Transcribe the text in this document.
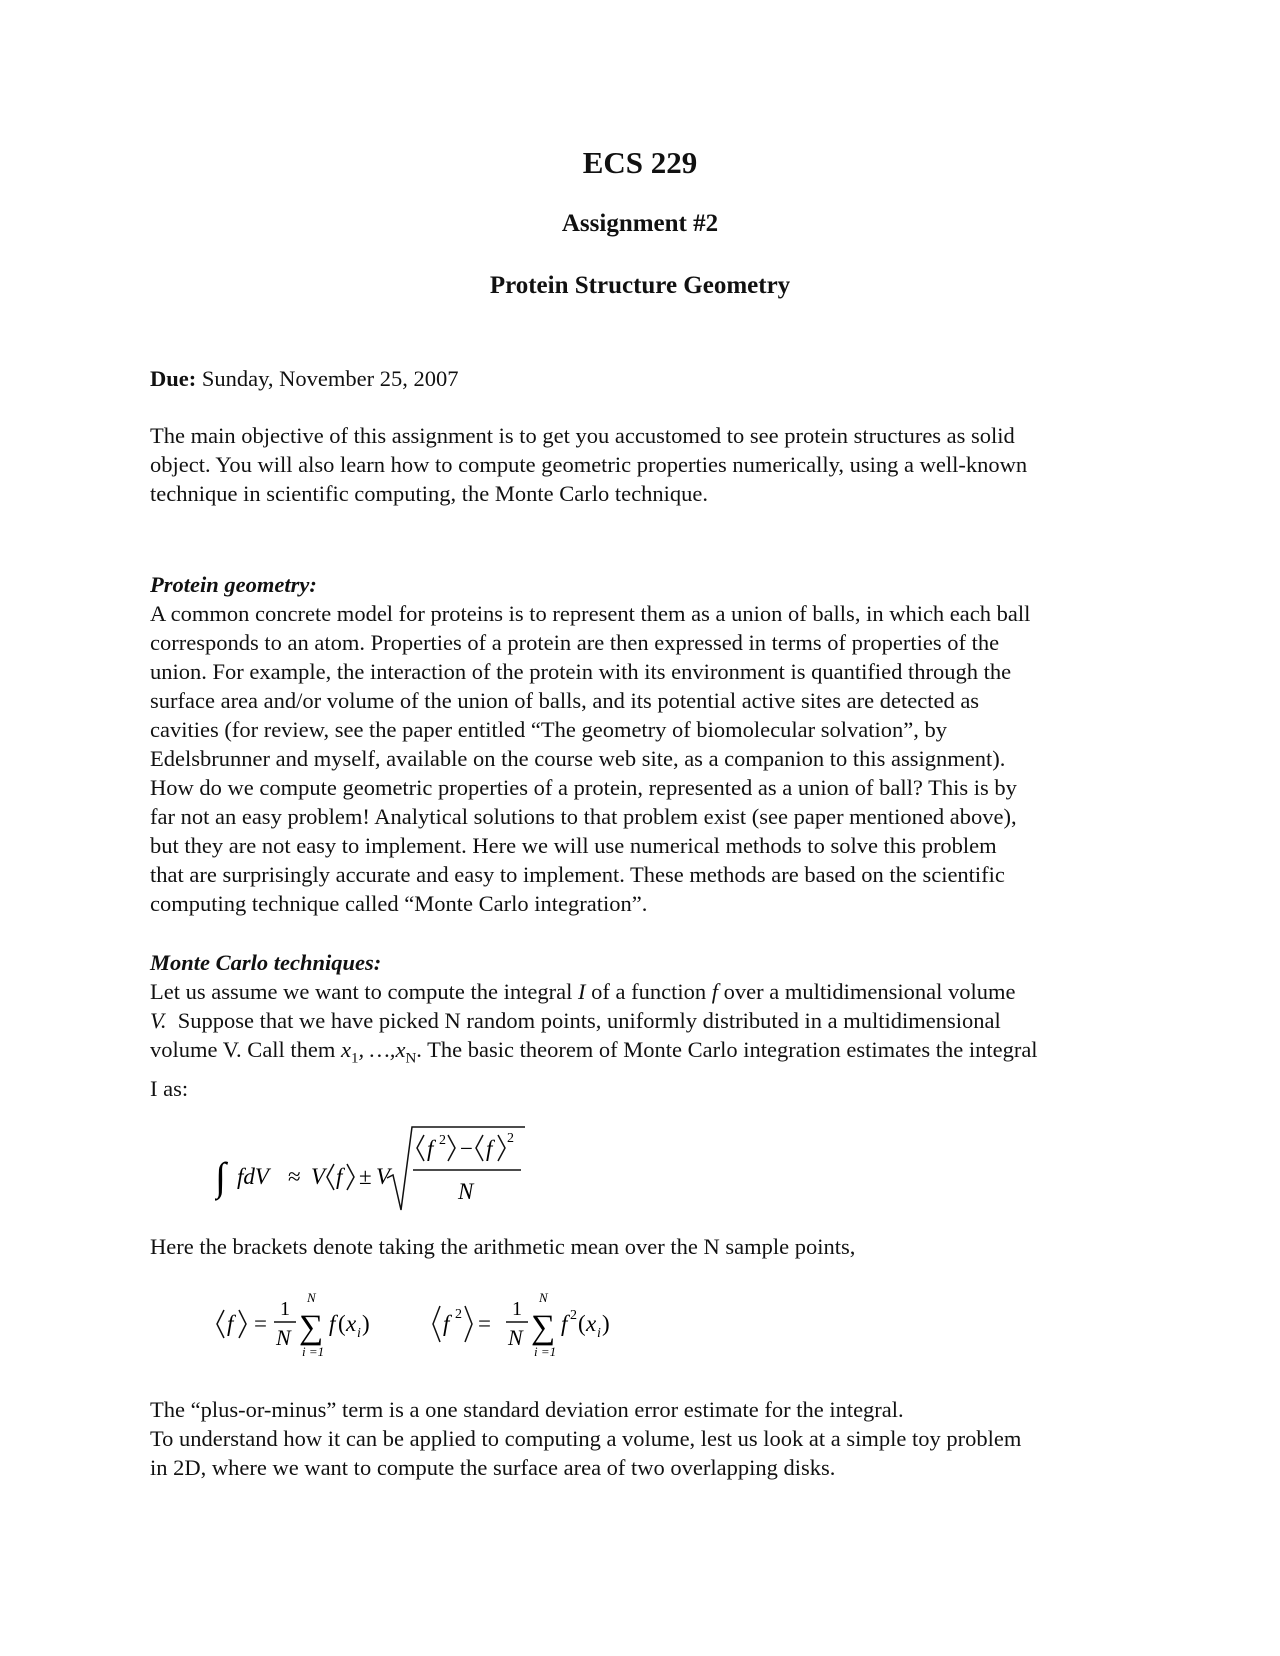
ECS 229
Assignment #2
Protein Structure Geometry
Due: Sunday, November 25, 2007
The main objective of this assignment is to get you accustomed to see protein structures as solid
object. You will also learn how to compute geometric properties numerically, using a well-known
technique in scientific computing, the Monte Carlo technique.
Protein geometry:
A common concrete model for proteins is to represent them as a union of balls, in which each ball
corresponds to an atom. Properties of a protein are then expressed in terms of properties of the
union. For example, the interaction of the protein with its environment is quantified through the
surface area and/or volume of the union of balls, and its potential active sites are detected as
cavities (for review, see the paper entitled “The geometry of biomolecular solvation”, by
Edelsbrunner and myself, available on the course web site, as a companion to this assignment).
How do we compute geometric properties of a protein, represented as a union of ball? This is by
far not an easy problem! Analytical solutions to that problem exist (see paper mentioned above),
but they are not easy to implement. Here we will use numerical methods to solve this problem
that are surprisingly accurate and easy to implement. These methods are based on the scientific
computing technique called “Monte Carlo integration”.
Monte Carlo techniques:
Let us assume we want to compute the integral I of a function f over a multidimensional volume
V.  Suppose that we have picked N random points, uniformly distributed in a multidimensional
volume V. Call them $x_1$, $\dots,x_N$. The basic theorem of Monte Carlo integration estimates the integral
I as:
∫ fdV ≈ V f ± V
f 2 − f 2
N
Here the brackets denote taking the arithmetic mean over the N sample points,
f =
1
N ∑
N
i =1
f ( x i )	f 2 =
1
N ∑
N
i =1
f 2 ( x i )
The “plus-or-minus” term is a one standard deviation error estimate for the integral.
To understand how it can be applied to computing a volume, lest us look at a simple toy problem
in 2D, where we want to compute the surface area of two overlapping disks.
